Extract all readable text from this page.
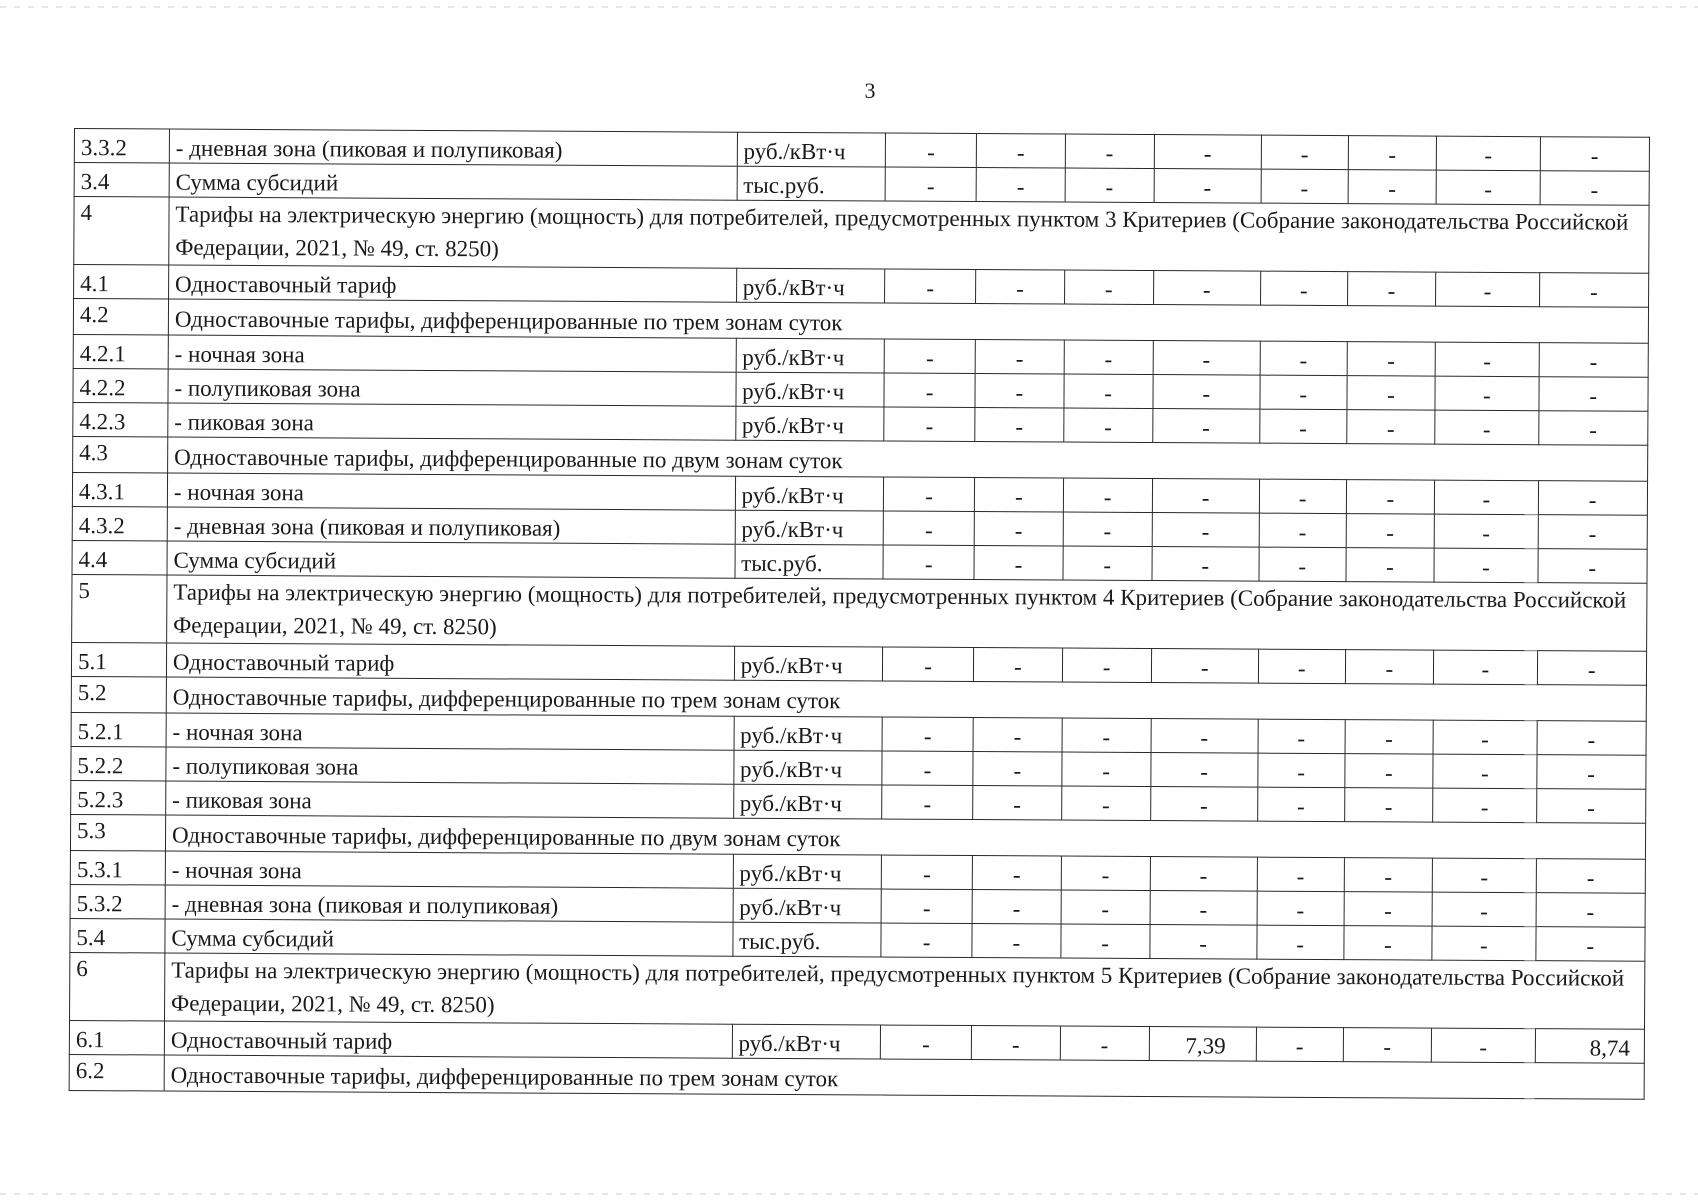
3
3.3.2	- дневная зона (пиковая и полупиковая)	руб./кВт·ч	-	-	-	-	-	-	-	-
3.4	Сумма субсидий	тыс.руб.	-	-	-	-	-	-	-	-
4	Тарифы на электрическую энергию (мощность) для потребителей, предусмотренных пунктом 3 Критериев (Собрание законодательства Российской Федерации, 2021, № 49, ст. 8250)									
4.1	Одноставочный тариф	руб./кВт·ч	-	-	-	-	-	-	-	-
4.2	Одноставочные тарифы, дифференцированные по трем зонам суток									
4.2.1	- ночная зона	руб./кВт·ч	-	-	-	-	-	-	-	-
4.2.2	- полупиковая зона	руб./кВт·ч	-	-	-	-	-	-	-	-
4.2.3	- пиковая зона	руб./кВт·ч	-	-	-	-	-	-	-	-
4.3	Одноставочные тарифы, дифференцированные по двум зонам суток									
4.3.1	- ночная зона	руб./кВт·ч	-	-	-	-	-	-	-	-
4.3.2	- дневная зона (пиковая и полупиковая)	руб./кВт·ч	-	-	-	-	-	-	-	-
4.4	Сумма субсидий	тыс.руб.	-	-	-	-	-	-	-	-
5	Тарифы на электрическую энергию (мощность) для потребителей, предусмотренных пунктом 4 Критериев (Собрание законодательства Российской Федерации, 2021, № 49, ст. 8250)									
5.1	Одноставочный тариф	руб./кВт·ч	-	-	-	-	-	-	-	-
5.2	Одноставочные тарифы, дифференцированные по трем зонам суток									
5.2.1	- ночная зона	руб./кВт·ч	-	-	-	-	-	-	-	-
5.2.2	- полупиковая зона	руб./кВт·ч	-	-	-	-	-	-	-	-
5.2.3	- пиковая зона	руб./кВт·ч	-	-	-	-	-	-	-	-
5.3	Одноставочные тарифы, дифференцированные по двум зонам суток									
5.3.1	- ночная зона	руб./кВт·ч	-	-	-	-	-	-	-	-
5.3.2	- дневная зона (пиковая и полупиковая)	руб./кВт·ч	-	-	-	-	-	-	-	-
5.4	Сумма субсидий	тыс.руб.	-	-	-	-	-	-	-	-
6	Тарифы на электрическую энергию (мощность) для потребителей, предусмотренных пунктом 5 Критериев (Собрание законодательства Российской Федерации, 2021, № 49, ст. 8250)									
6.1	Одноставочный тариф	руб./кВт·ч	-	-	-	7,39	-	-	-	8,74
6.2	Одноставочные тарифы, дифференцированные по трем зонам суток									
